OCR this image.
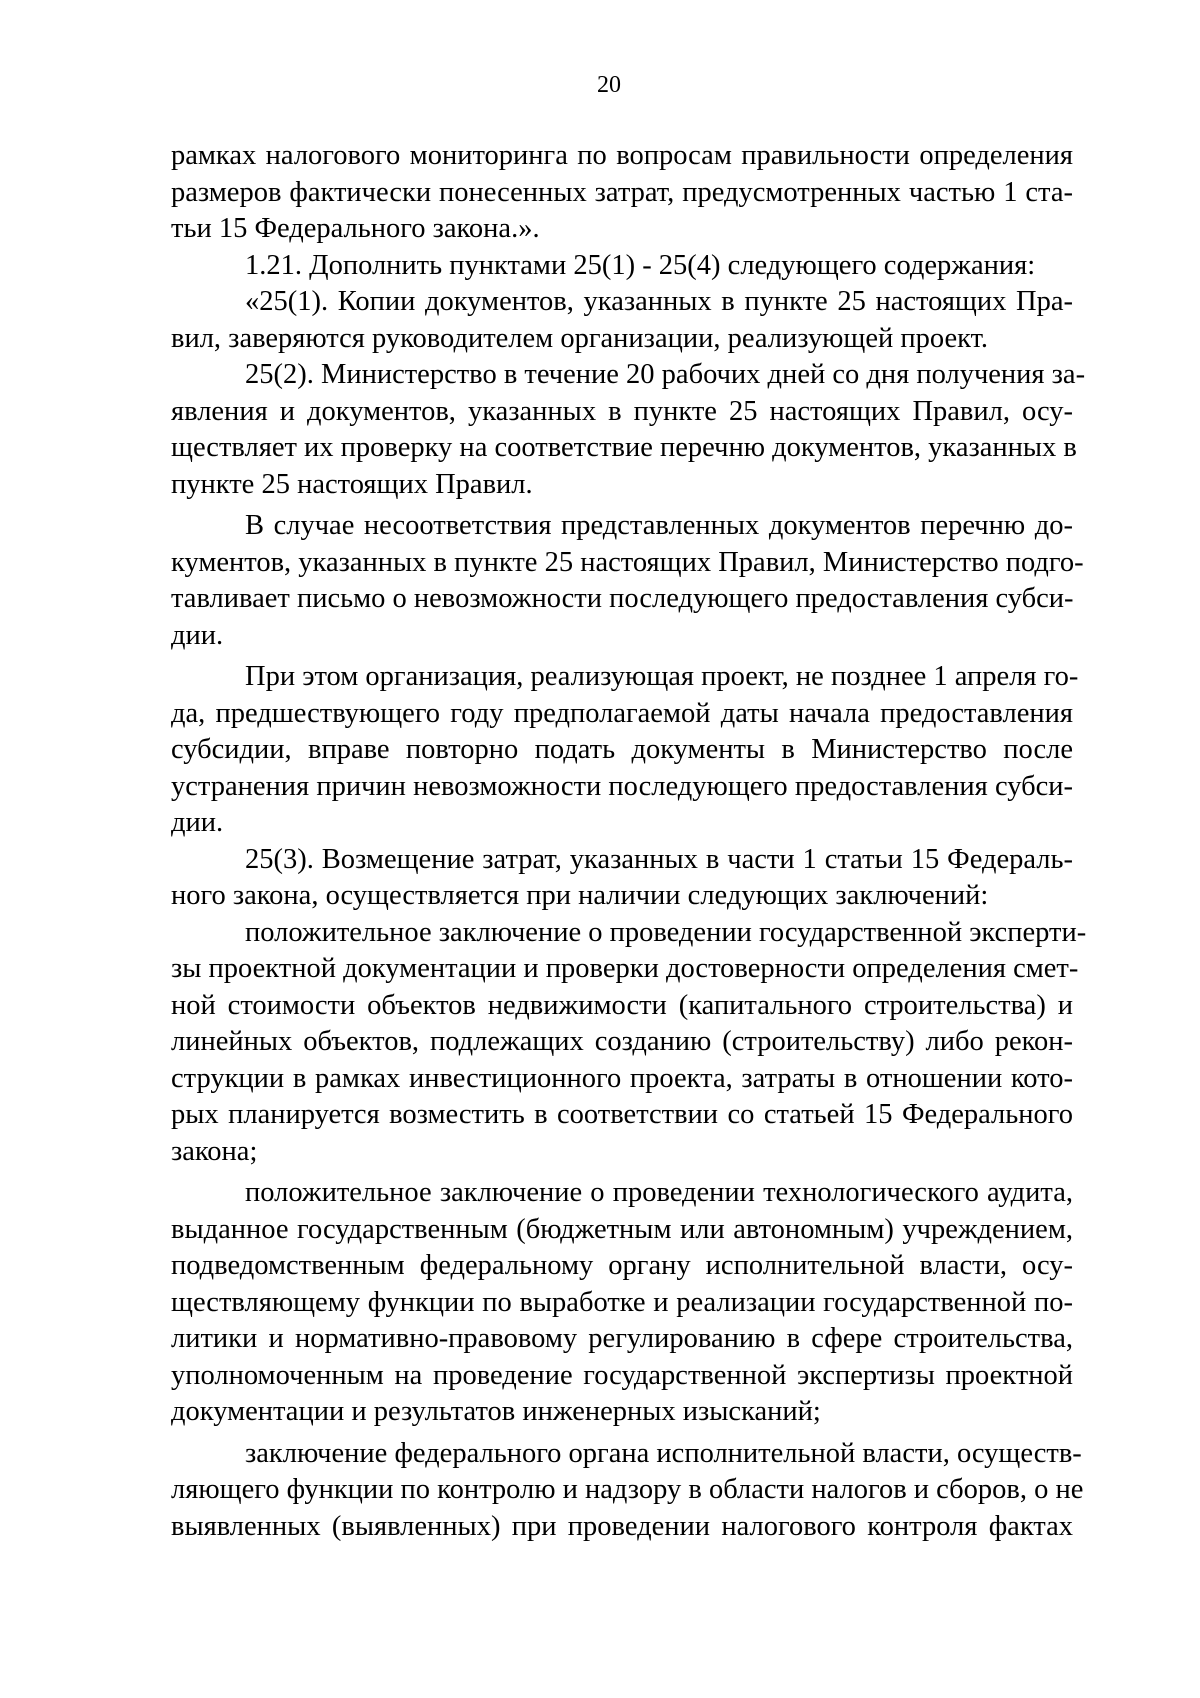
20
рамках налогового мониторинга по вопросам правильности определения
размеров фактически понесенных затрат, предусмотренных частью 1 ста-
тьи 15 Федерального закона.».
1.21. Дополнить пунктами 25(1) - 25(4) следующего содержания:
«25(1). Копии документов, указанных в пункте 25 настоящих Пра-
вил, заверяются руководителем организации, реализующей проект.
25(2). Министерство в течение 20 рабочих дней со дня получения за-
явления и документов, указанных в пункте 25 настоящих Правил, осу-
ществляет их проверку на соответствие перечню документов, указанных в
пункте 25 настоящих Правил.
В случае несоответствия представленных документов перечню до-
кументов, указанных в пункте 25 настоящих Правил, Министерство подго-
тавливает письмо о невозможности последующего предоставления субси-
дии.
При этом организация, реализующая проект, не позднее 1 апреля го-
да, предшествующего году предполагаемой даты начала предоставления
субсидии, вправе повторно подать документы в Министерство после
устранения причин невозможности последующего предоставления субси-
дии.
25(3). Возмещение затрат, указанных в части 1 статьи 15 Федераль-
ного закона, осуществляется при наличии следующих заключений:
положительное заключение о проведении государственной эксперти-
зы проектной документации и проверки достоверности определения смет-
ной стоимости объектов недвижимости (капитального строительства) и
линейных объектов, подлежащих созданию (строительству) либо рекон-
струкции в рамках инвестиционного проекта, затраты в отношении кото-
рых планируется возместить в соответствии со статьей 15 Федерального
закона;
положительное заключение о проведении технологического аудита,
выданное государственным (бюджетным или автономным) учреждением,
подведомственным федеральному органу исполнительной власти, осу-
ществляющему функции по выработке и реализации государственной по-
литики и нормативно-правовому регулированию в сфере строительства,
уполномоченным на проведение государственной экспертизы проектной
документации и результатов инженерных изысканий;
заключение федерального органа исполнительной власти, осуществ-
ляющего функции по контролю и надзору в области налогов и сборов, о не
выявленных (выявленных) при проведении налогового контроля фактах
